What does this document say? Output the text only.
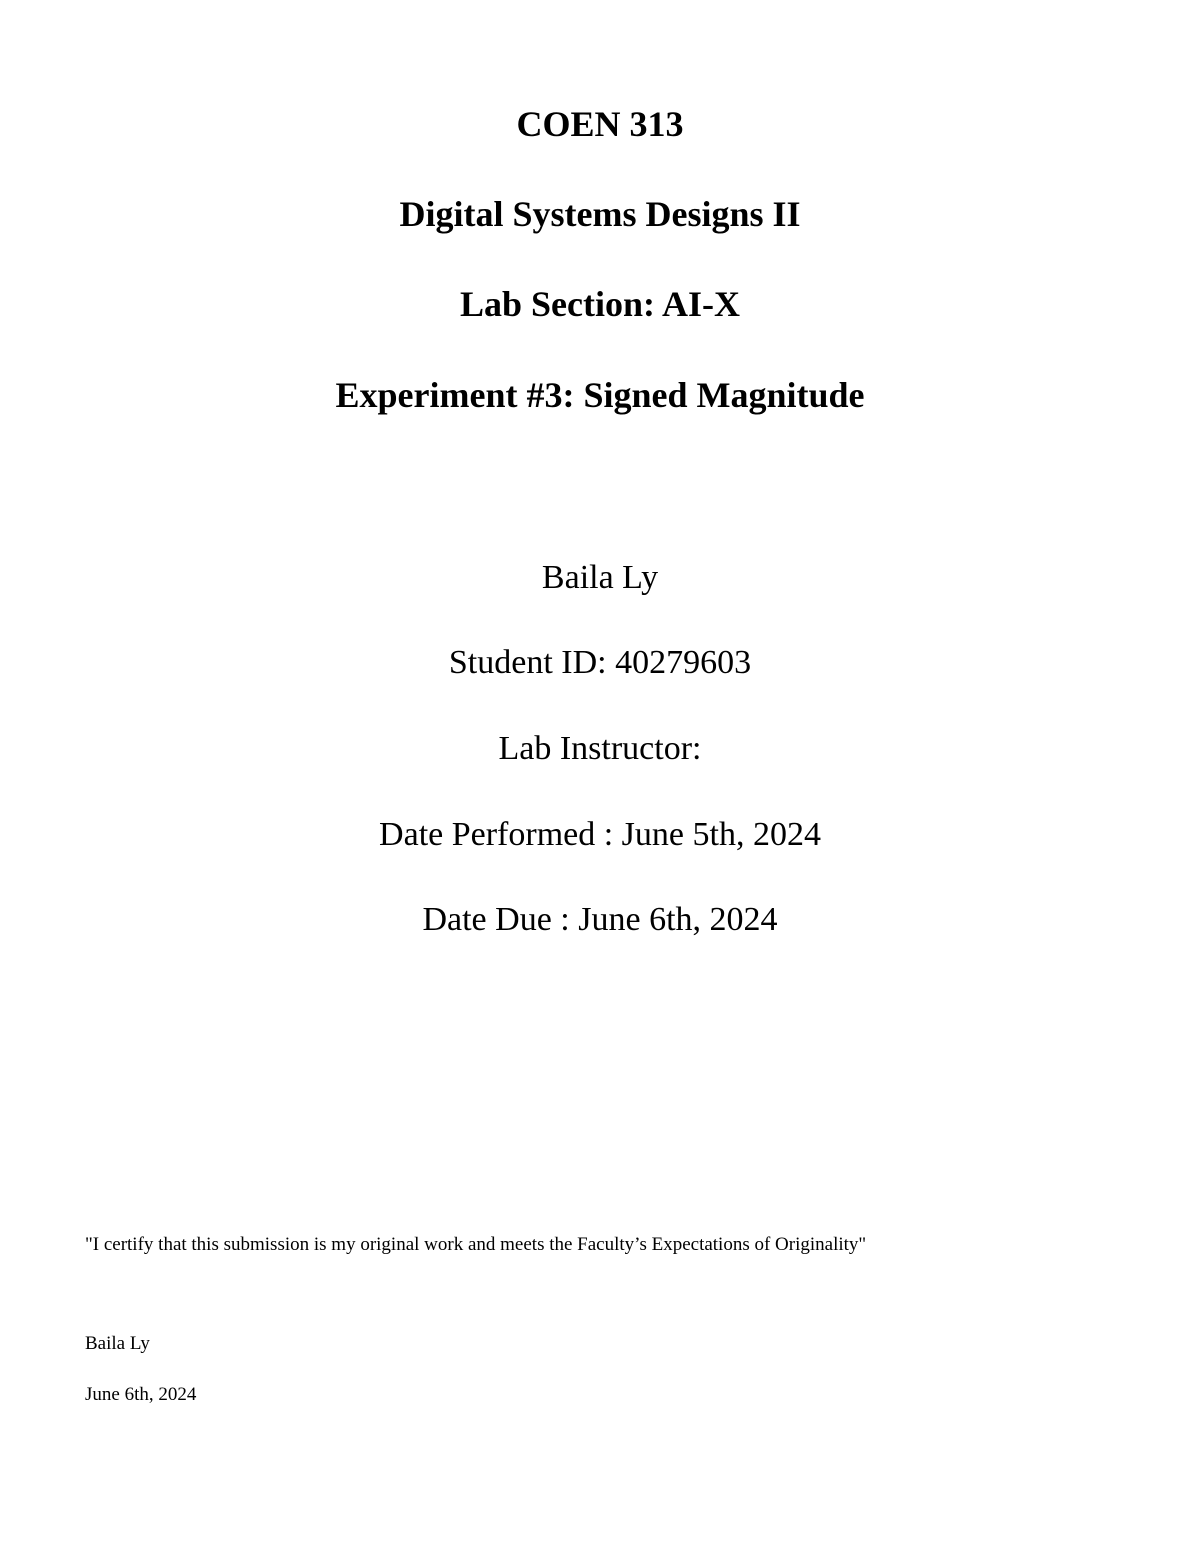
COEN 313
Digital Systems Designs II
Lab Section: AI-X
Experiment #3: Signed Magnitude
Baila Ly
Student ID: 40279603
Lab Instructor:
Date Performed : June 5th, 2024
Date Due : June 6th, 2024
"I certify that this submission is my original work and meets the Faculty’s Expectations of Originality"
Baila Ly
June 6th, 2024
